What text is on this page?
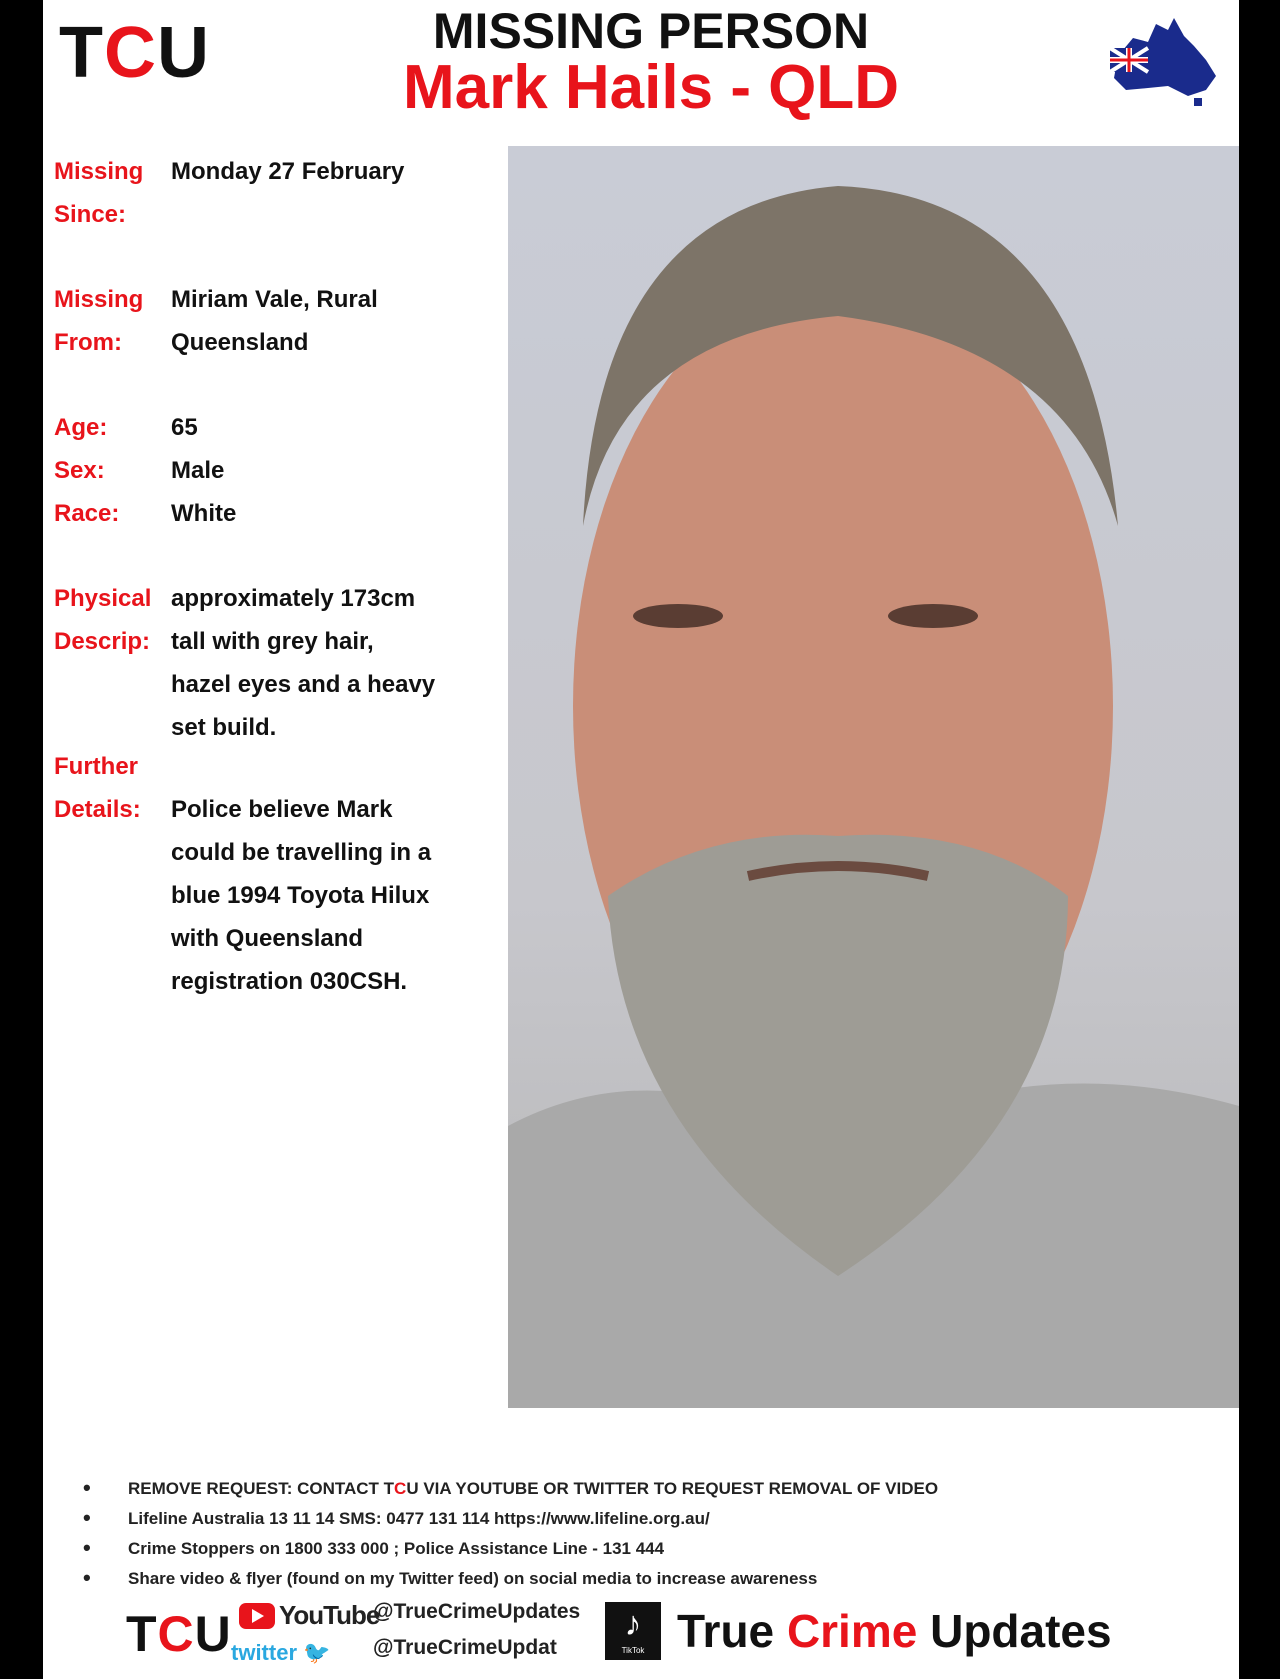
TCU	MISSING PERSON
Mark Hails - QLD
Missing
Since:
Monday 27 February
Missing
From:
Miriam Vale, Rural
Queensland
Age:	65
Sex:	Male
Race: White
Physical
Descrip:
approximately 173cm
tall with grey hair,
hazel eyes and a heavy
set build.
Further
Details: Police believe Mark
could be travelling in a
blue 1994 Toyota Hilux
with Queensland
registration 030CSH.
• REMOVE REQUEST: CONTACT TCU VIA YOUTUBE OR TWITTER TO REQUEST REMOVAL OF VIDEO
• Lifeline Australia 13 11 14 SMS: 0477 131 114 https://www.lifeline.org.au/
• Crime Stoppers on 1800 333 000 ; Police Assistance Line - 131 444
• Share video & flyer (found on my Twitter feed) on social media to increase awareness
TCU YouTube
@TrueCrimeUpdates
twitter 🐦 @TrueCrimeUpdat
♪
TikTok True Crime Updates
